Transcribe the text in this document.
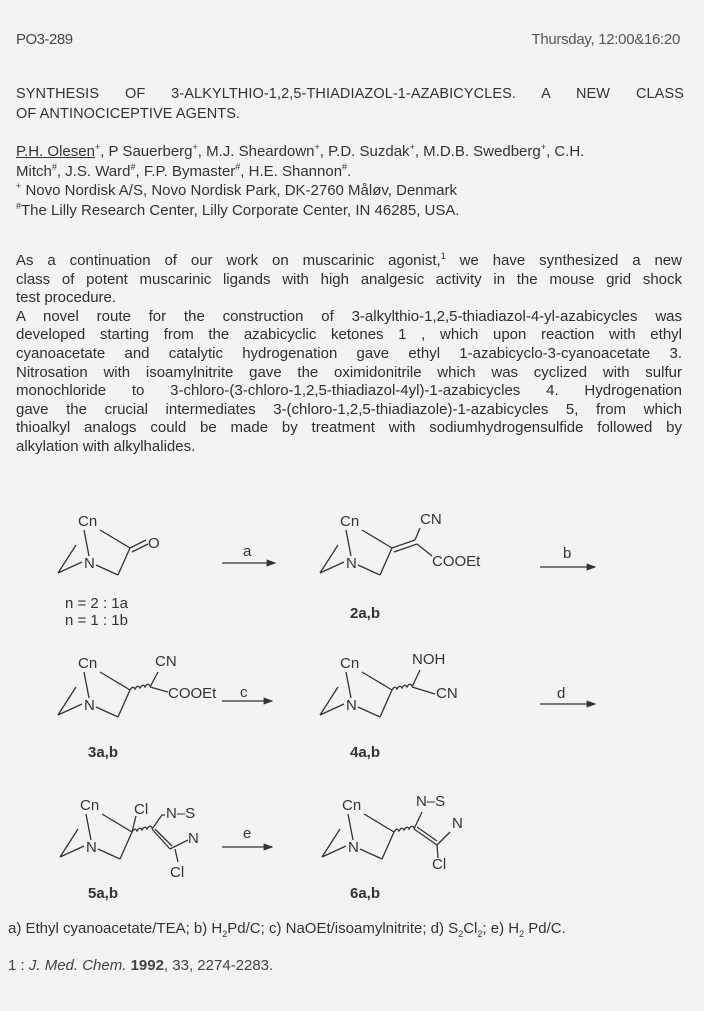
PO3-289	Thursday, 12:00&16:20
SYNTHESIS OF 3-ALKYLTHIO-1,2,5-THIADIAZOL-1-AZABICYCLES. A NEW CLASS
OF ANTINOCICEPTIVE AGENTS.
P.H. Olesen+, P Sauerberg+, M.J. Sheardown+, P.D. Suzdak+, M.D.B. Swedberg+, C.H.
Mitch#, J.S. Ward#, F.P. Bymaster#, H.E. Shannon#.
+ Novo Nordisk A/S, Novo Nordisk Park, DK-2760 Måløv, Denmark
#The Lilly Research Center, Lilly Corporate Center, IN 46285, USA.
As a continuation of our work on muscarinic agonist,$^1$ we have synthesized a new
class of potent muscarinic ligands with high analgesic activity in the mouse grid shock
test procedure.
A novel route for the construction of 3-alkylthio-1,2,5-thiadiazol-4-yl-azabicycles was
developed starting from the azabicyclic ketones 1 , which upon reaction with ethyl
cyanoacetate and catalytic hydrogenation gave ethyl 1-azabicyclo-3-cyanoacetate 3.
Nitrosation with isoamylnitrite gave the oximidonitrile which was cyclized with sulfur
monochloride to 3-chloro-(3-chloro-1,2,5-thiadiazol-4yl)-1-azabicycles 4. Hydrogenation
gave the crucial intermediates 3-(chloro-1,2,5-thiadiazole)-1-azabicycles 5, from which
thioalkyl analogs could be made by treatment with sodiumhydrogensulfide followed by
alkylation with alkylhalides.
Cn
N
O
Cn
N
CN
COOEt
Cn
N
CN
COOEt
Cn
N
NOH
CN
Cn
N
Cl N–S
N
Cl
Cn
N
N–S
N
Cl
a	b
c	d
e
n = 2 : 1a
n = 1 : 1b	2a,b
3a,b	4a,b
5a,b	6a,b
a) Ethyl cyanoacetate/TEA; b) $H_2Pd/C$; c) NaOEt/isoamylnitrite; d) $S_2Cl_2$; e) $H_2$ Pd/C.
1 : J. Med. Chem. 1992, 33, 2274-2283.
